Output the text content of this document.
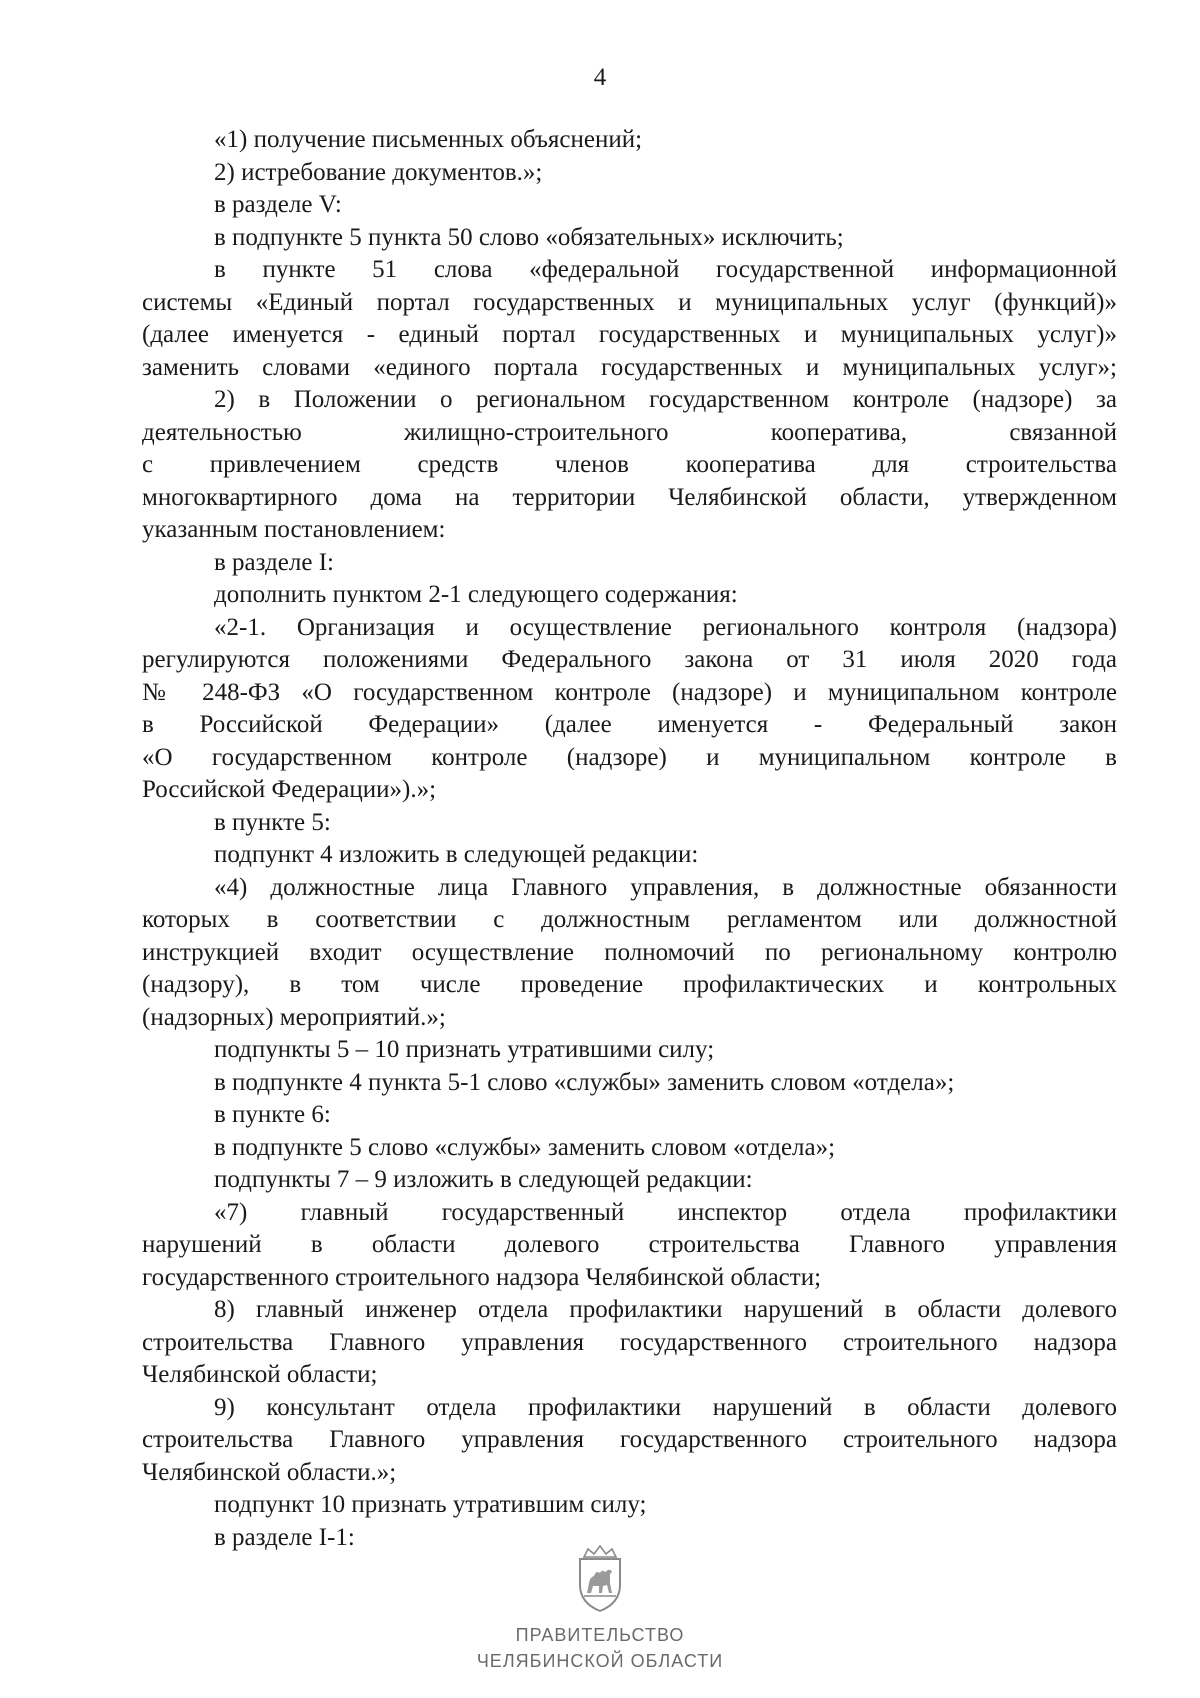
4
«1) получение письменных объяснений;
2) истребование документов.»;
в разделе V:
в подпункте 5 пункта 50 слово «обязательных» исключить;
в пункте 51 слова «федеральной государственной информационной
системы «Единый портал государственных и муниципальных услуг (функций)»
(далее именуется - единый портал государственных и муниципальных услуг)»
заменить словами «единого портала государственных и муниципальных услуг»;
2) в Положении о региональном государственном контроле (надзоре) за
деятельностью жилищно-строительного кооператива, связанной
с привлечением средств членов кооператива для строительства
многоквартирного дома на территории Челябинской области, утвержденном
указанным постановлением:
в разделе I:
дополнить пунктом 2-1 следующего содержания:
«2-1. Организация и осуществление регионального контроля (надзора)
регулируются положениями Федерального закона от 31 июля 2020 года
№ 248-ФЗ «О государственном контроле (надзоре) и муниципальном контроле
в Российской Федерации» (далее именуется - Федеральный закон
«О государственном контроле (надзоре) и муниципальном контроле в
Российской Федерации»).»;
в пункте 5:
подпункт 4 изложить в следующей редакции:
«4) должностные лица Главного управления, в должностные обязанности
которых в соответствии с должностным регламентом или должностной
инструкцией входит осуществление полномочий по региональному контролю
(надзору), в том числе проведение профилактических и контрольных
(надзорных) мероприятий.»;
подпункты 5 – 10 признать утратившими силу;
в подпункте 4 пункта 5-1 слово «службы» заменить словом «отдела»;
в пункте 6:
в подпункте 5 слово «службы» заменить словом «отдела»;
подпункты 7 – 9 изложить в следующей редакции:
«7) главный государственный инспектор отдела профилактики
нарушений в области долевого строительства Главного управления
государственного строительного надзора Челябинской области;
8) главный инженер отдела профилактики нарушений в области долевого
строительства Главного управления государственного строительного надзора
Челябинской области;
9) консультант отдела профилактики нарушений в области долевого
строительства Главного управления государственного строительного надзора
Челябинской области.»;
подпункт 10 признать утратившим силу;
в разделе I-1:
ПРАВИТЕЛЬСТВО
ЧЕЛЯБИНСКОЙ ОБЛАСТИ
